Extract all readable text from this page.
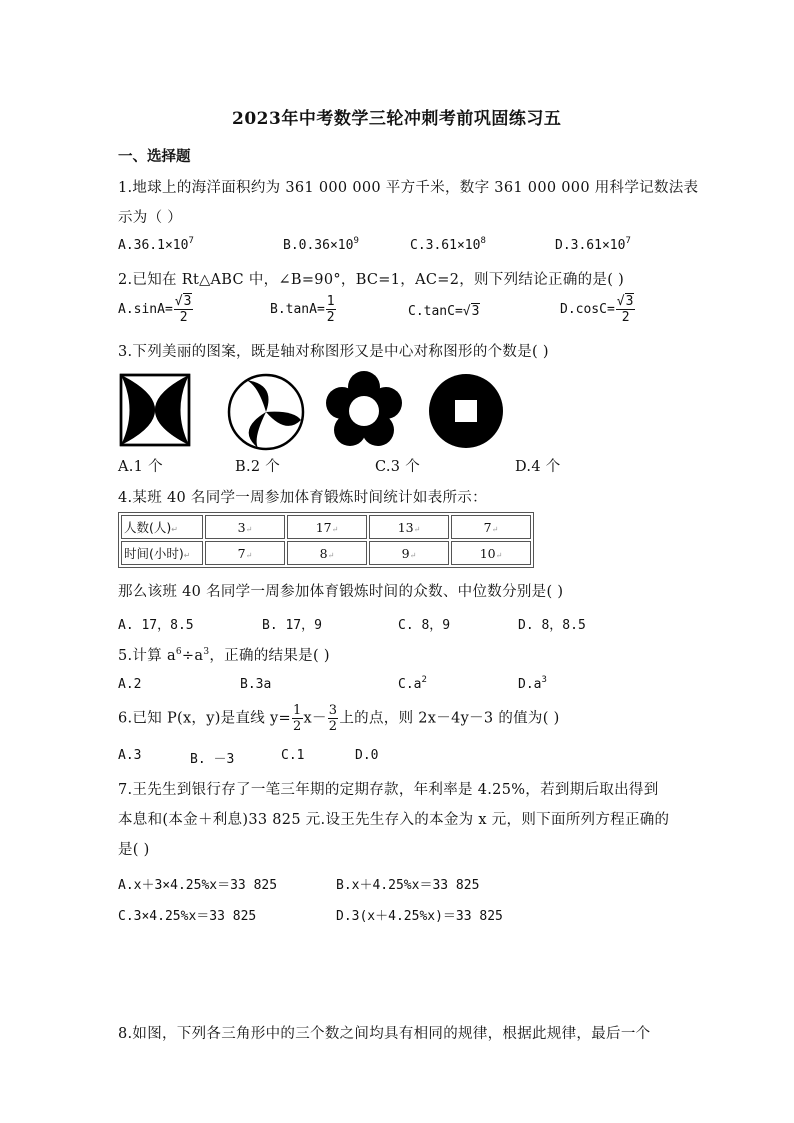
2023年中考数学三轮冲刺考前巩固练习五
一、选择题
1.地球上的海洋面积约为 361 000 000 平方千米，数字 361 000 000 用科学记数法表
示为（ ）
$A.36.1\times 10^7$	$B.0.36\times 10^9$	$C.3.61\times 10^8$	$D.3.61\times 10^7$
2.已知在 Rt△ABC 中，∠B=90°，BC=1，AC=2，则下列结论正确的是( )
$A.\sin A= \frac{√3}{2}$	$B.\tan A= \frac{1}{2}$	C.tanC=√3	$D.\cos C= \frac{√3}{2}$
3.下列美丽的图案，既是轴对称图形又是中心对称图形的个数是( )
A.1 个	B.2 个	C.3 个	D.4 个
4.某班 40 名同学一周参加体育锻炼时间统计如表所示：
人数(人)↵	3↵	17↵	13↵	7↵
时间(小时)↵	7↵	8↵	9↵	10↵
那么该班 40 名同学一周参加体育锻炼时间的众数、中位数分别是( )
A. 17，8.5	B. 17，9	C. 8，9	D. 8，8.5
5.计算 $a^6\div a^3$，正确的结果是( )
A.2	B.3a	$C.a^2$	$D.a^3$
6.已知 P(x，y)是直线 $y= \frac{1}{2} x- \frac{3}{2}$ 上的点，则 2x－4y－3 的值为( )
A.3	B. －3	C.1	D.0
7.王先生到银行存了一笔三年期的定期存款，年利率是 4.25%，若到期后取出得到
本息和(本金＋利息)33 825 元.设王先生存入的本金为 x 元，则下面所列方程正确的
是( )
A.x＋3×4.25%x＝33 825	B.x＋4.25%x＝33 825
C.3×4.25%x＝33 825	D.3(x＋4.25%x)＝33 825
8.如图，下列各三角形中的三个数之间均具有相同的规律，根据此规律，最后一个
